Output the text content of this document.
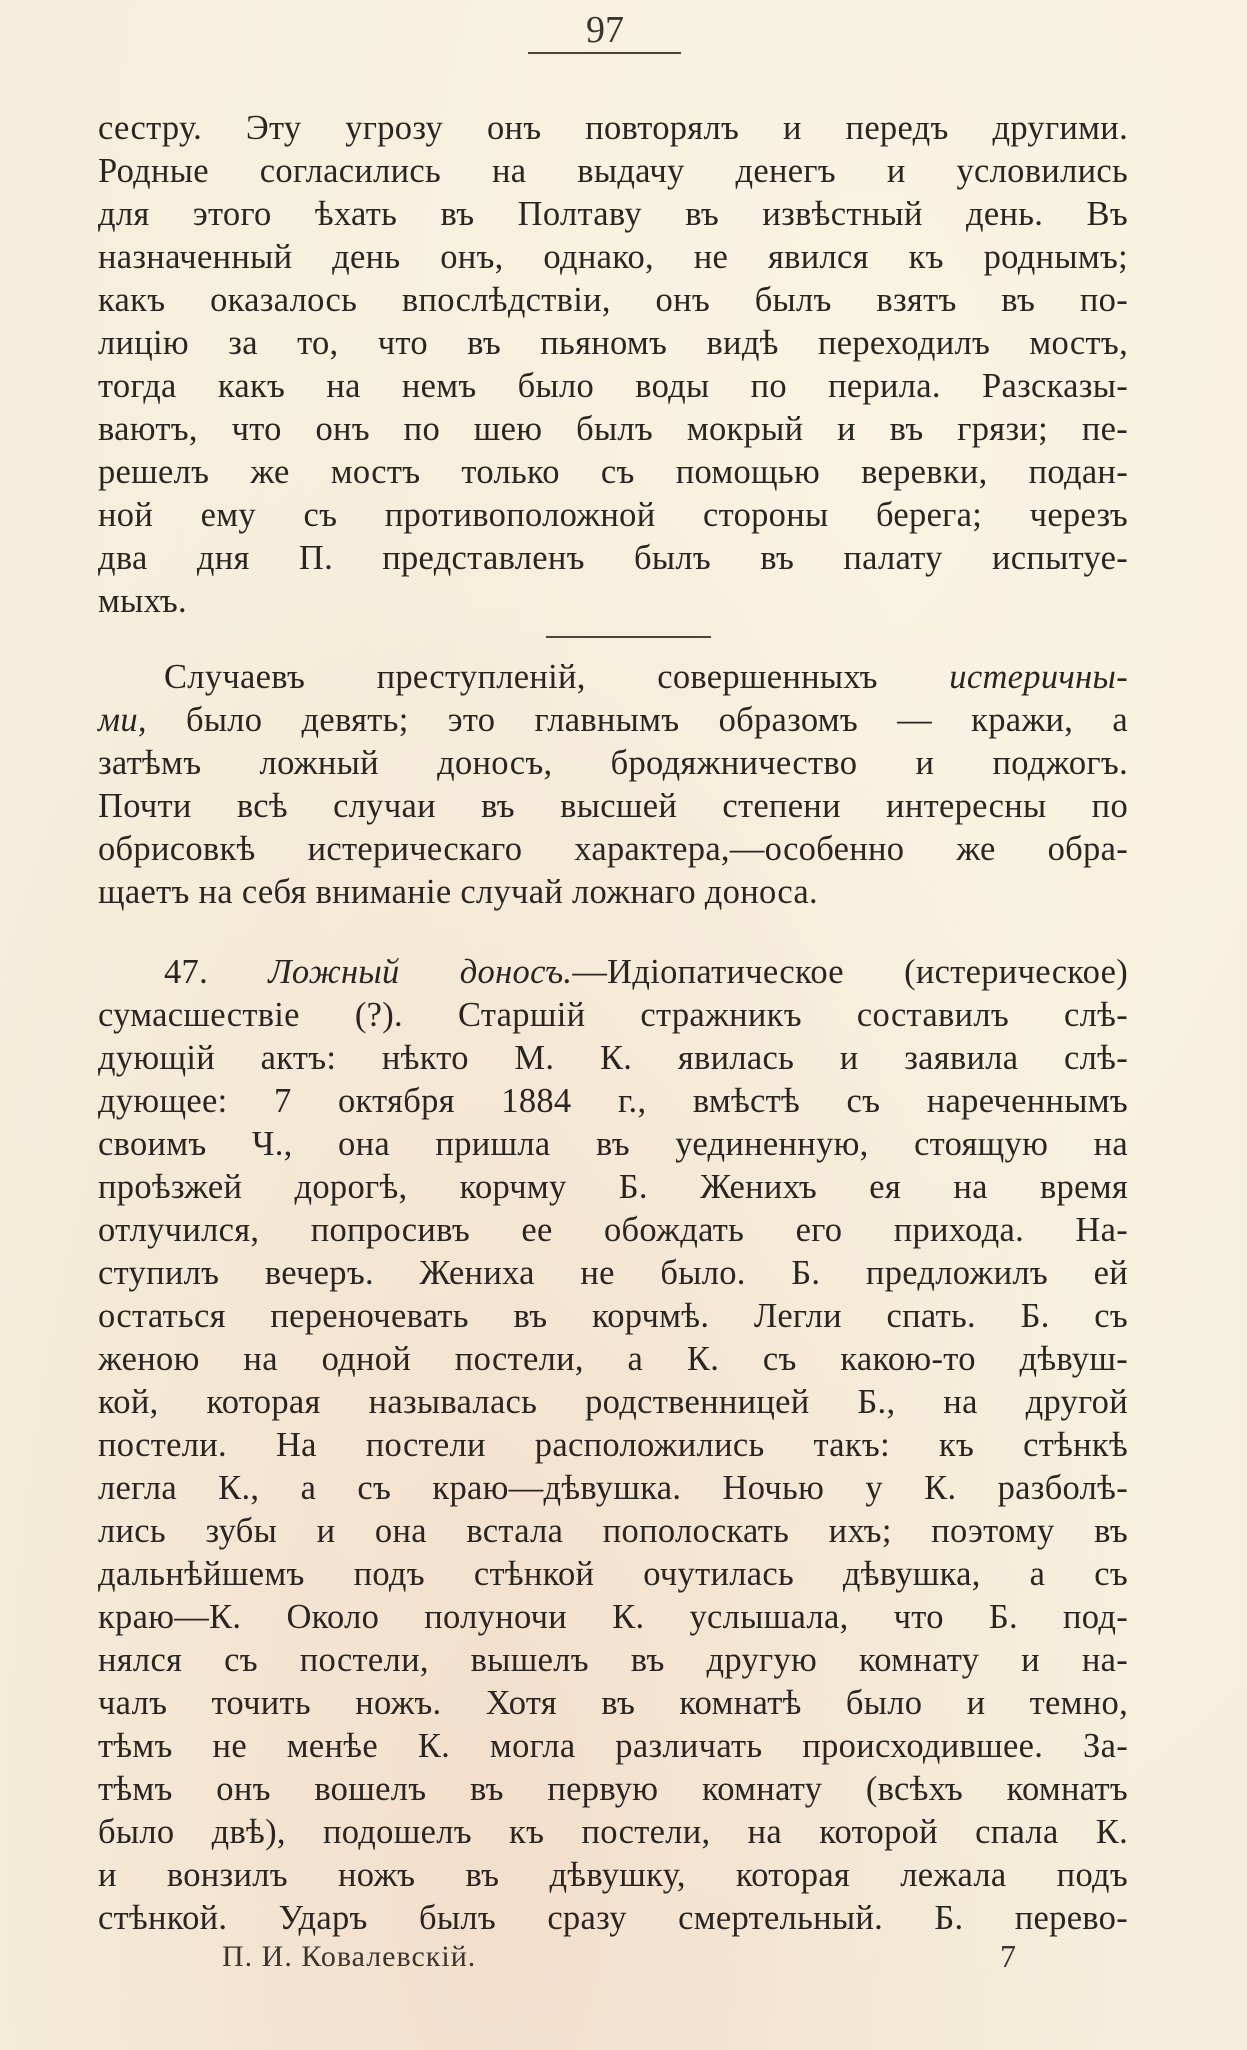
97
сестру. Эту угрозу онъ повторялъ и передъ другими.
Родные согласились на выдачу денегъ и условились
для этого ѣхать въ Полтаву въ извѣстный день. Въ
назначенный день онъ, однако, не явился къ роднымъ;
какъ оказалось впослѣдствіи, онъ былъ взятъ въ по-
лицію за то, что въ пьяномъ видѣ переходилъ мостъ,
тогда какъ на немъ было воды по перила. Разсказы-
ваютъ, что онъ по шею былъ мокрый и въ грязи; пе-
решелъ же мостъ только съ помощью веревки, подан-
ной ему съ противоположной стороны берега; черезъ
два дня П. представленъ былъ въ палату испытуе-
мыхъ.
Случаевъ преступленій, совершенныхъ истеричны-
ми, было девять; это главнымъ образомъ — кражи, а
затѣмъ ложный доносъ, бродяжничество и поджогъ.
Почти всѣ случаи въ высшей степени интересны по
обрисовкѣ истерическаго характера,—особенно же обра-
щаетъ на себя вниманіе случай ложнаго доноса.
47. Ложный доносъ.—Идіопатическое (истерическое)
сумасшествіе (?). Старшій стражникъ составилъ слѣ-
дующій актъ: нѣкто М. К. явилась и заявила слѣ-
дующее: 7 октября 1884 г., вмѣстѣ съ нареченнымъ
своимъ Ч., она пришла въ уединенную, стоящую на
проѣзжей дорогѣ, корчму Б. Женихъ ея на время
отлучился, попросивъ ее обождать его прихода. На-
ступилъ вечеръ. Жениха не было. Б. предложилъ ей
остаться переночевать въ корчмѣ. Легли спать. Б. съ
женою на одной постели, а К. съ какою-то дѣвуш-
кой, которая называлась родственницей Б., на другой
постели. На постели расположились такъ: къ стѣнкѣ
легла К., а съ краю—дѣвушка. Ночью у К. разболѣ-
лись зубы и она встала пополоскать ихъ; поэтому въ
дальнѣйшемъ подъ стѣнкой очутилась дѣвушка, а съ
краю—К. Около полуночи К. услышала, что Б. под-
нялся съ постели, вышелъ въ другую комнату и на-
чалъ точить ножъ. Хотя въ комнатѣ было и темно,
тѣмъ не менѣе К. могла различать происходившее. За-
тѣмъ онъ вошелъ въ первую комнату (всѣхъ комнатъ
было двѣ), подошелъ къ постели, на которой спала К.
и вонзилъ ножъ въ дѣвушку, которая лежала подъ
стѣнкой. Ударъ былъ сразу смертельный. Б. перево-
П. И. Ковалевскій.	7
